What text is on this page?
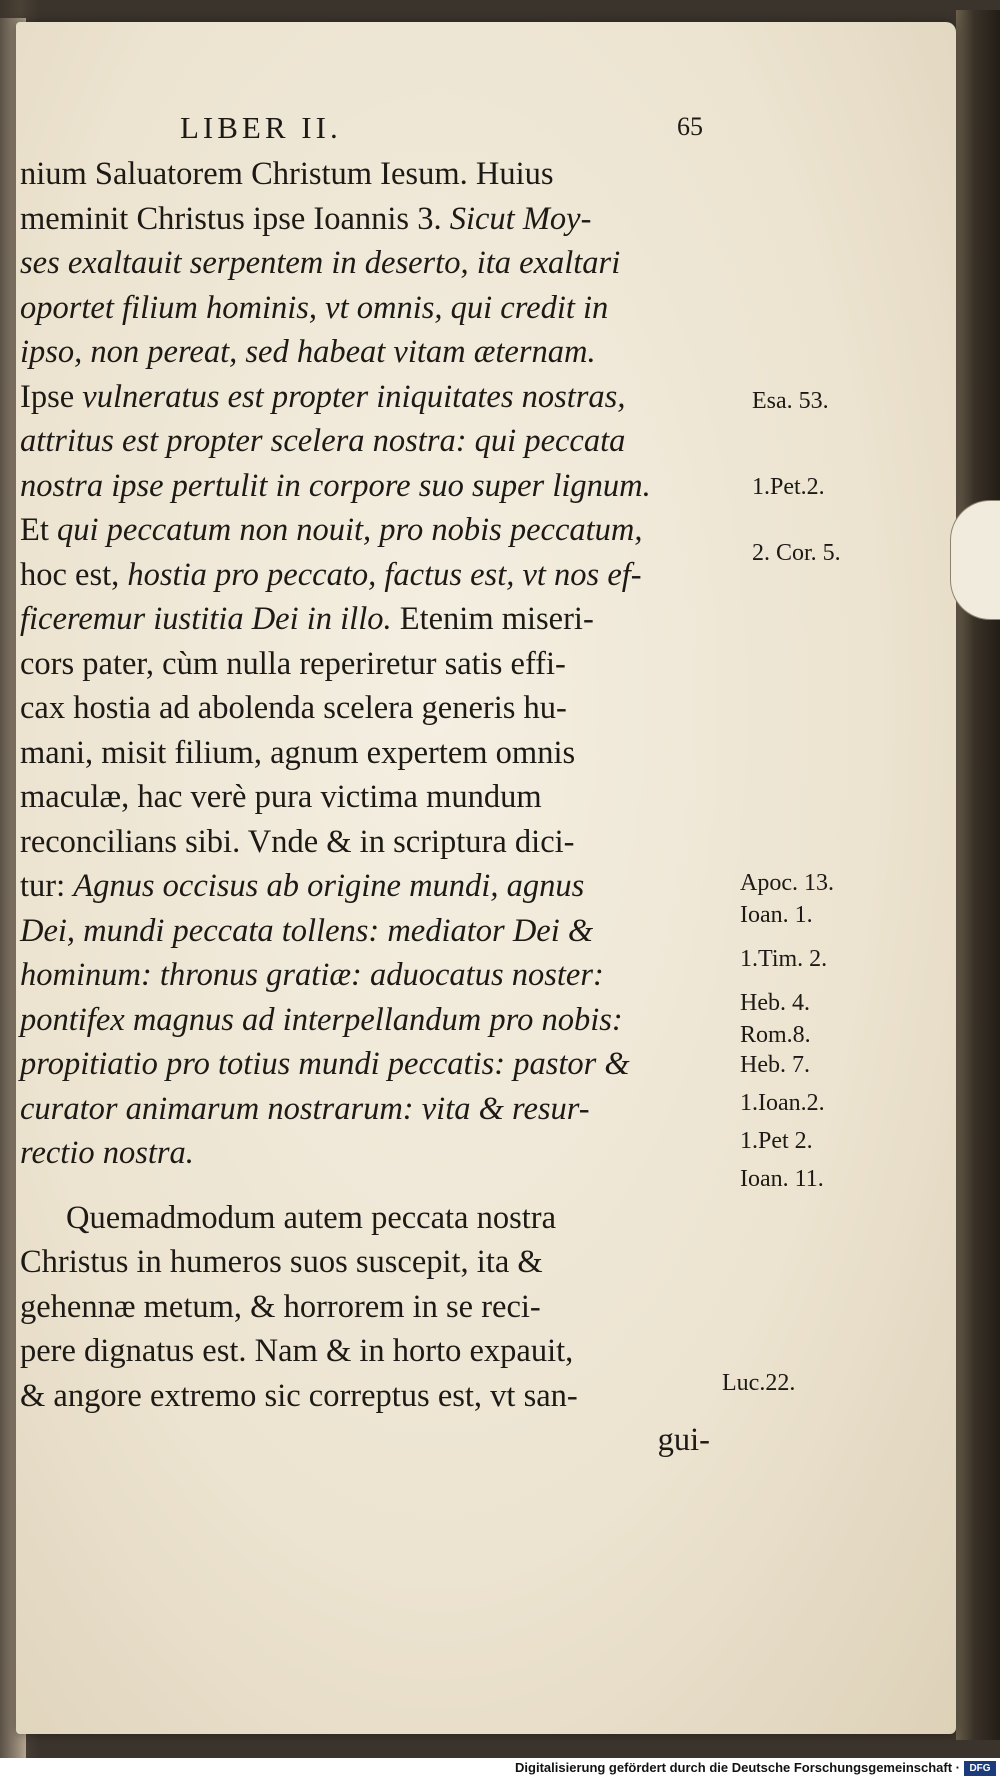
LIBER II.	65
nium Saluatorem Christum Iesum. Huius
meminit Christus ipse Ioannis 3. Sicut Moy-
ses exaltauit serpentem in deserto, ita exaltari
oportet filium hominis, vt omnis, qui credit in
ipso, non pereat, sed habeat vitam æternam.
Ipse vulneratus est propter iniquitates nostras,
attritus est propter scelera nostra: qui peccata
nostra ipse pertulit in corpore suo super lignum.
Et qui peccatum non nouit, pro nobis peccatum,
hoc est, hostia pro peccato, factus est, vt nos ef-
ficeremur iustitia Dei in illo. Etenim miseri-
cors pater, cùm nulla reperiretur satis effi-
cax hostia ad abolenda scelera generis hu-
mani, misit filium, agnum expertem omnis
maculæ, hac verè pura victima mundum
reconcilians sibi. Vnde & in scriptura dici-
tur: Agnus occisus ab origine mundi, agnus
Dei, mundi peccata tollens: mediator Dei &
hominum: thronus gratiæ: aduocatus noster:
pontifex magnus ad interpellandum pro nobis:
propitiatio pro totius mundi peccatis: pastor &
curator animarum nostrarum: vita & resur-
rectio nostra.
Quemadmodum autem peccata nostra
Christus in humeros suos suscepit, ita &
gehennæ metum, & horrorem in se reci-
pere dignatus est. Nam & in horto expauit,
& angore extremo sic correptus est, vt san-
gui-
Esa. 53.
1.Pet.2.
2. Cor. 5.
Apoc. 13.
Ioan. 1.
1.Tim. 2.
Heb. 4.
Rom.8.
Heb. 7.
1.Ioan.2.
1.Pet 2.
Ioan. 11.
Luc.22.
Digitalisierung gefördert durch die Deutsche Forschungsgemeinschaft · DFG
